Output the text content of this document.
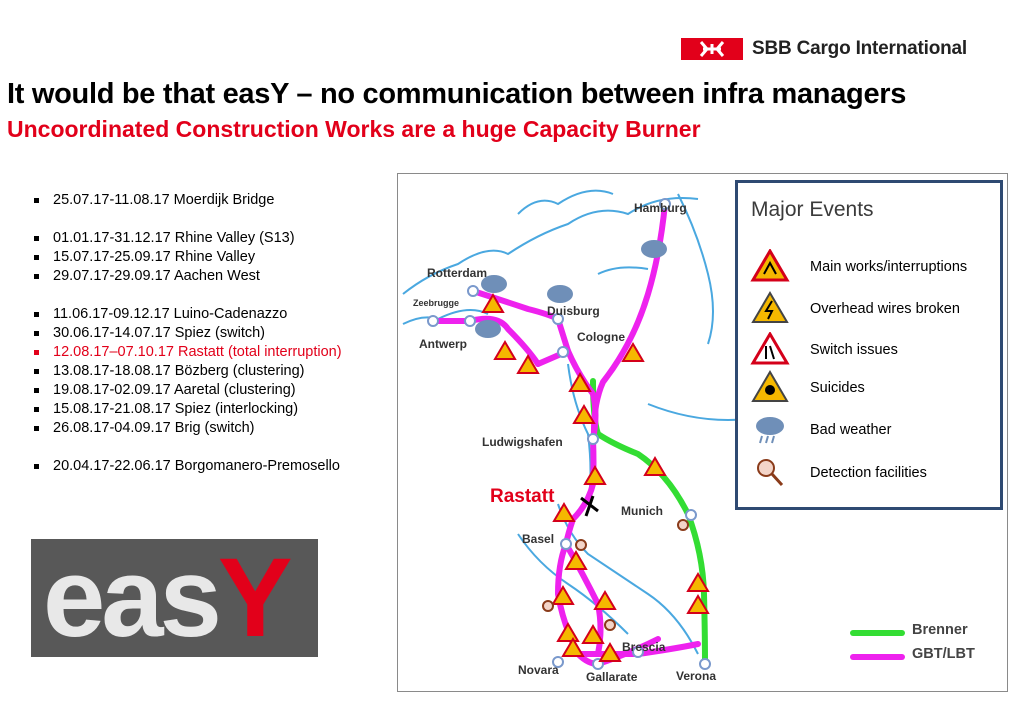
SBB Cargo International
It would be that easY – no communication between infra managers
Uncoordinated Construction Works are a huge Capacity Burner
25.07.17-11.08.17 Moerdijk Bridge
01.01.17-31.12.17 Rhine Valley (S13)
15.07.17-25.09.17 Rhine Valley
29.07.17-29.09.17 Aachen West
11.06.17-09.12.17 Luino-Cadenazzo
30.06.17-14.07.17 Spiez (switch)
12.08.17–07.10.17 Rastatt (total interruption)
13.08.17-18.08.17 Bözberg (clustering)
19.08.17-02.09.17 Aaretal (clustering)
15.08.17-21.08.17 Spiez (interlocking)
26.08.17-04.09.17 Brig (switch)
20.04.17-22.06.17 Borgomanero-Premosello
easY
Hamburg
Rotterdam
Zeebrugge
Duisburg
Antwerp	Cologne
Ludwigshafen
Rastatt
Munich
Basel
Brescia
Novara Gallarate	Verona
Major Events
Main works/interruptions
Overhead wires broken
Switch issues
Suicides
Bad weather
Detection facilities
Brenner
GBT/LBT
